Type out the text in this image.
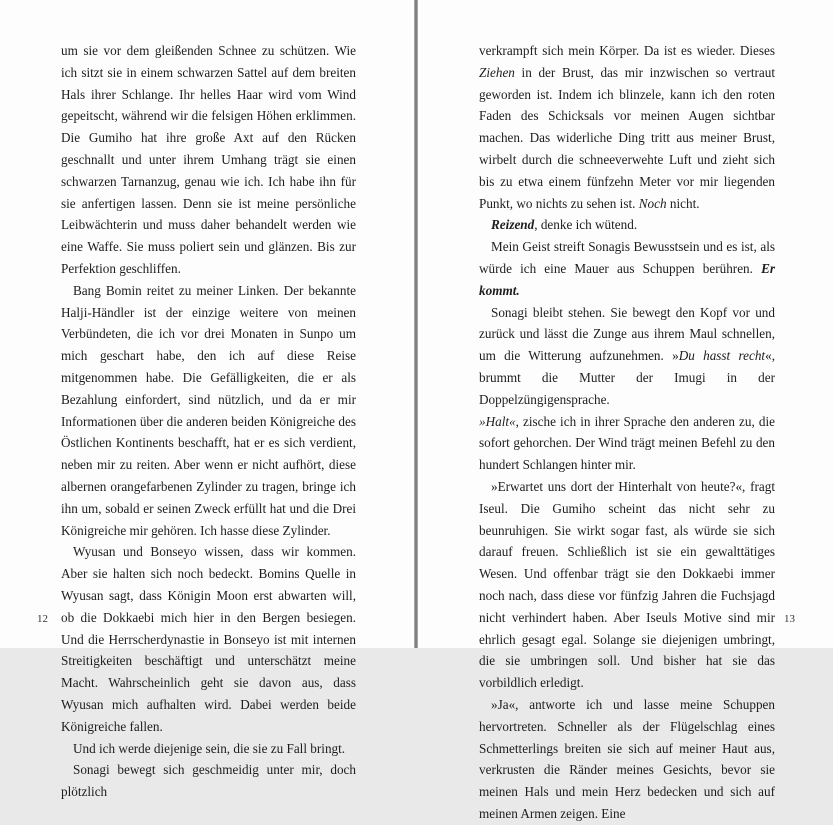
um sie vor dem gleißenden Schnee zu schützen. Wie ich sitzt sie in einem schwarzen Sattel auf dem breiten Hals ihrer Schlange. Ihr helles Haar wird vom Wind gepeitscht, während wir die felsigen Höhen erklimmen. Die Gumiho hat ihre große Axt auf den Rücken geschnallt und unter ihrem Umhang trägt sie einen schwarzen Tarnanzug, genau wie ich. Ich habe ihn für sie anfertigen lassen. Denn sie ist meine persönliche Leibwächterin und muss daher behandelt werden wie eine Waffe. Sie muss poliert sein und glänzen. Bis zur Perfektion geschliffen.

Bang Bomin reitet zu meiner Linken. Der bekannte Halji-Händler ist der einzige weitere von meinen Verbündeten, die ich vor drei Monaten in Sunpo um mich geschart habe, den ich auf diese Reise mitgenommen habe. Die Gefälligkeiten, die er als Bezahlung einfordert, sind nützlich, und da er mir Informationen über die anderen beiden Königreiche des Östlichen Kontinents beschafft, hat er es sich verdient, neben mir zu reiten. Aber wenn er nicht aufhört, diese albernen orangefarbenen Zylinder zu tragen, bringe ich ihn um, sobald er seinen Zweck erfüllt hat und die Drei Königreiche mir gehören. Ich hasse diese Zylinder.

Wyusan und Bonseyo wissen, dass wir kommen. Aber sie halten sich noch bedeckt. Bomins Quelle in Wyusan sagt, dass Königin Moon erst abwarten will, ob die Dokkaebi mich hier in den Bergen besiegen. Und die Herrscherdynastie in Bonseyo ist mit internen Streitigkeiten beschäftigt und unterschätzt meine Macht. Wahrscheinlich geht sie davon aus, dass Wyusan mich aufhalten wird. Dabei werden beide Königreiche fallen.

Und ich werde diejenige sein, die sie zu Fall bringt.

Sonagi bewegt sich geschmeidig unter mir, doch plötzlich

12

verkrampft sich mein Körper. Da ist es wieder. Dieses Ziehen in der Brust, das mir inzwischen so vertraut geworden ist. Indem ich blinzele, kann ich den roten Faden des Schicksals vor meinen Augen sichtbar machen. Das widerliche Ding tritt aus meiner Brust, wirbelt durch die schneeverwehte Luft und zieht sich bis zu etwa einem fünfzehn Meter vor mir liegenden Punkt, wo nichts zu sehen ist. Noch nicht.

Reizend, denke ich wütend.

Mein Geist streift Sonagis Bewusstsein und es ist, als würde ich eine Mauer aus Schuppen berühren. Er kommt.

Sonagi bleibt stehen. Sie bewegt den Kopf vor und zurück und lässt die Zunge aus ihrem Maul schnellen, um die Witterung aufzunehmen. »Du hasst recht«, brummt die Mutter der Imugi in der Doppelzüngigensprache.

»Halt«, zische ich in ihrer Sprache den anderen zu, die sofort gehorchen. Der Wind trägt meinen Befehl zu den hundert Schlangen hinter mir.

»Erwartet uns dort der Hinterhalt von heute?«, fragt Iseul. Die Gumiho scheint das nicht sehr zu beunruhigen. Sie wirkt sogar fast, als würde sie sich darauf freuen. Schließlich ist sie ein gewalttätiges Wesen. Und offenbar trägt sie den Dokkaebi immer noch nach, dass diese vor fünfzig Jahren die Fuchsjagd nicht verhindert haben. Aber Iseuls Motive sind mir ehrlich gesagt egal. Solange sie diejenigen umbringt, die sie umbringen soll. Und bisher hat sie das vorbildlich erledigt.

»Ja«, antworte ich und lasse meine Schuppen hervortreten. Schneller als der Flügelschlag eines Schmetterlings breiten sie sich auf meiner Haut aus, verkrusten die Ränder meines Gesichts, bevor sie meinen Hals und mein Herz bedecken und sich auf meinen Armen zeigen. Eine

13
